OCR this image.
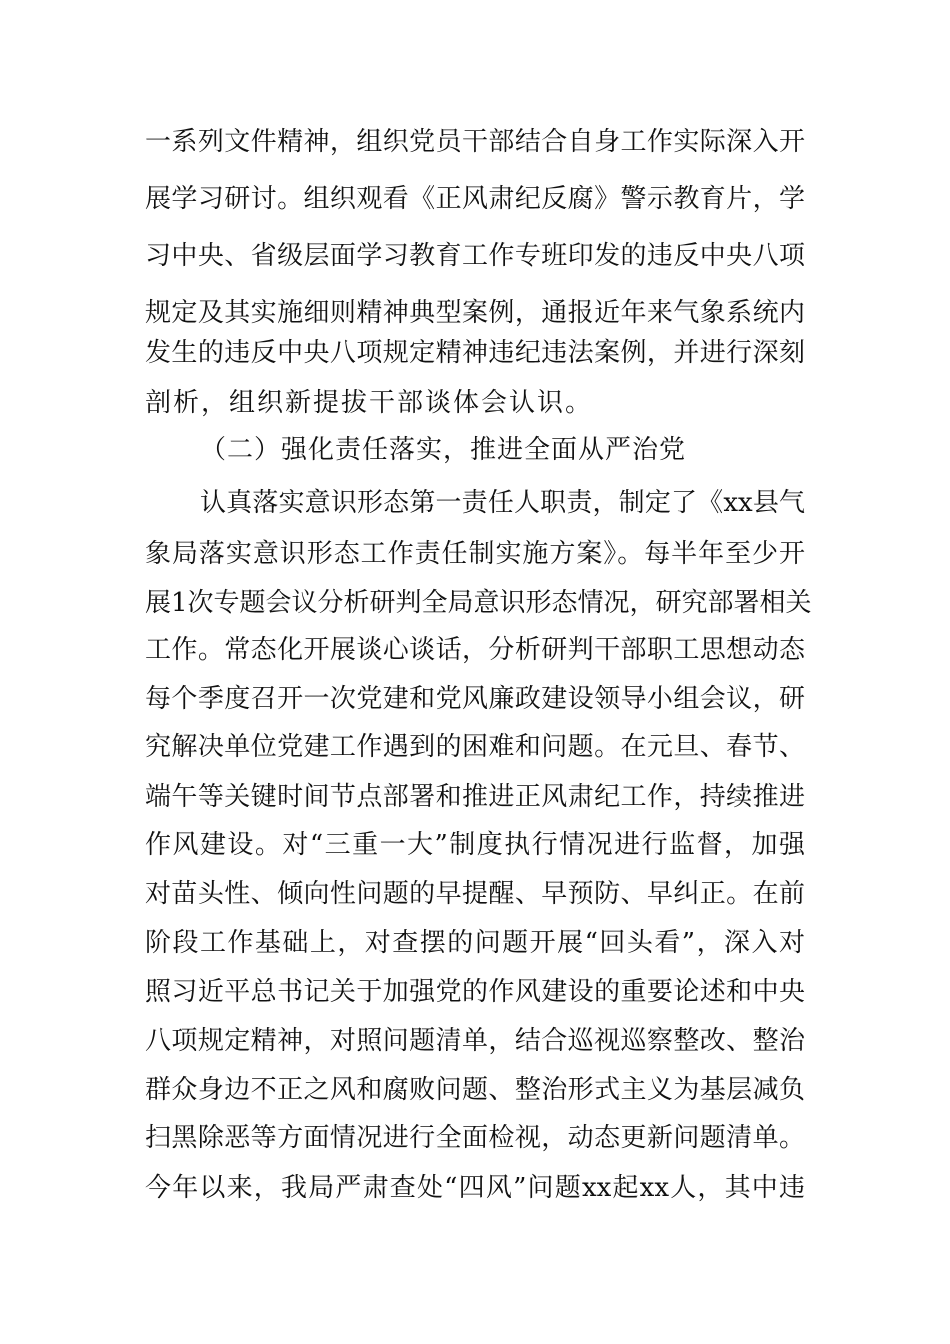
一系列文件精神，组织党员干部结合自身工作实际深入开
展学习研讨。组织观看《正风肃纪反腐》警示教育片，学
习中央、省级层面学习教育工作专班印发的违反中央八项
规定及其实施细则精神典型案例，通报近年来气象系统内
发生的违反中央八项规定精神违纪违法案例，并进行深刻
剖析，组织新提拔干部谈体会认识。
（二）强化责任落实，推进全面从严治党
认真落实意识形态第一责任人职责，制定了《xx县气
象局落实意识形态工作责任制实施方案》。每半年至少开
展1次专题会议分析研判全局意识形态情况，研究部署相关
工作。常态化开展谈心谈话，分析研判干部职工思想动态
每个季度召开一次党建和党风廉政建设领导小组会议，研
究解决单位党建工作遇到的困难和问题。在元旦、春节、
端午等关键时间节点部署和推进正风肃纪工作，持续推进
作风建设。对“三重一大”制度执行情况进行监督，加强
对苗头性、倾向性问题的早提醒、早预防、早纠正。在前
阶段工作基础上，对查摆的问题开展“回头看”，深入对
照习近平总书记关于加强党的作风建设的重要论述和中央
八项规定精神，对照问题清单，结合巡视巡察整改、整治
群众身边不正之风和腐败问题、整治形式主义为基层减负
扫黑除恶等方面情况进行全面检视，动态更新问题清单。
今年以来，我局严肃查处“四风”问题xx起xx人，其中违
